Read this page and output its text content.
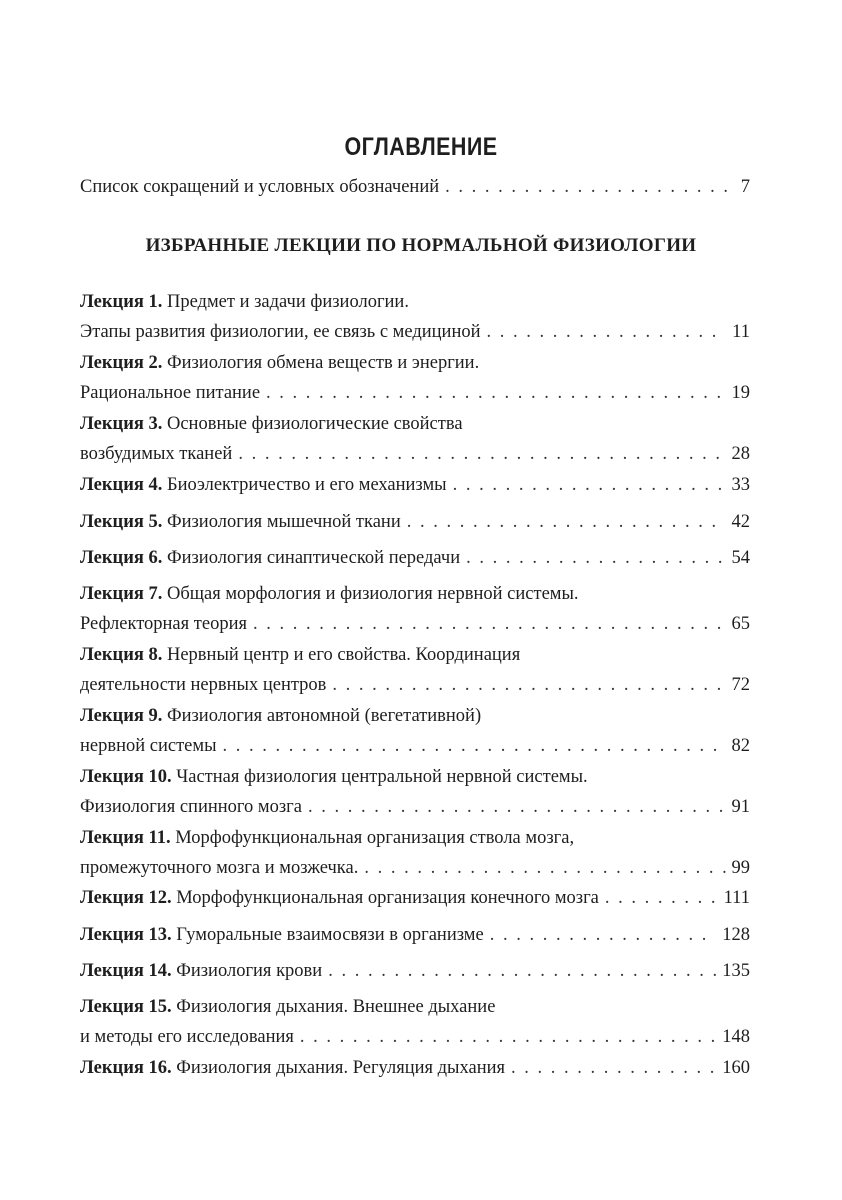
ОГЛАВЛЕНИЕ
Список сокращений и условных обозначений . . .	7
ИЗБРАННЫЕ ЛЕКЦИИ ПО НОРМАЛЬНОЙ ФИЗИОЛОГИИ
Лекция 1.
Предмет и задачи физиологии.
Этапы развития физиологии, ее связь с медициной . . .	11
Лекция 2.
Физиология обмена веществ и энергии.
Рациональное питание . . .	19
Лекция 3.
Основные физиологические свойства
возбудимых тканей . . .	28
Лекция 4.
Биоэлектричество и его механизмы . . .	33
Лекция 5.
Физиология мышечной ткани . . .	42
Лекция 6.
Физиология синаптической передачи . . .	54
Лекция 7.
Общая морфология и физиология нервной системы.
Рефлекторная теория . . .	65
Лекция 8.
Нервный центр и его свойства. Координация
деятельности нервных центров . . .	72
Лекция 9.
Физиология автономной (вегетативной)
нервной системы . . .	82
Лекция 10.
Частная физиология центральной нервной системы.
Физиология спинного мозга . . .	91
Лекция 11.
Морфофункциональная организация ствола мозга,
промежуточного мозга и мозжечка. . . .	99
Лекция 12.
Морфофункциональная организация конечного мозга . . .	111
Лекция 13.
Гуморальные взаимосвязи в организме . . .	128
Лекция 14.
Физиология крови . . .	135
Лекция 15.
Физиология дыхания. Внешнее дыхание
и методы его исследования . . .	148
Лекция 16.
Физиология дыхания. Регуляция дыхания . . .	160
